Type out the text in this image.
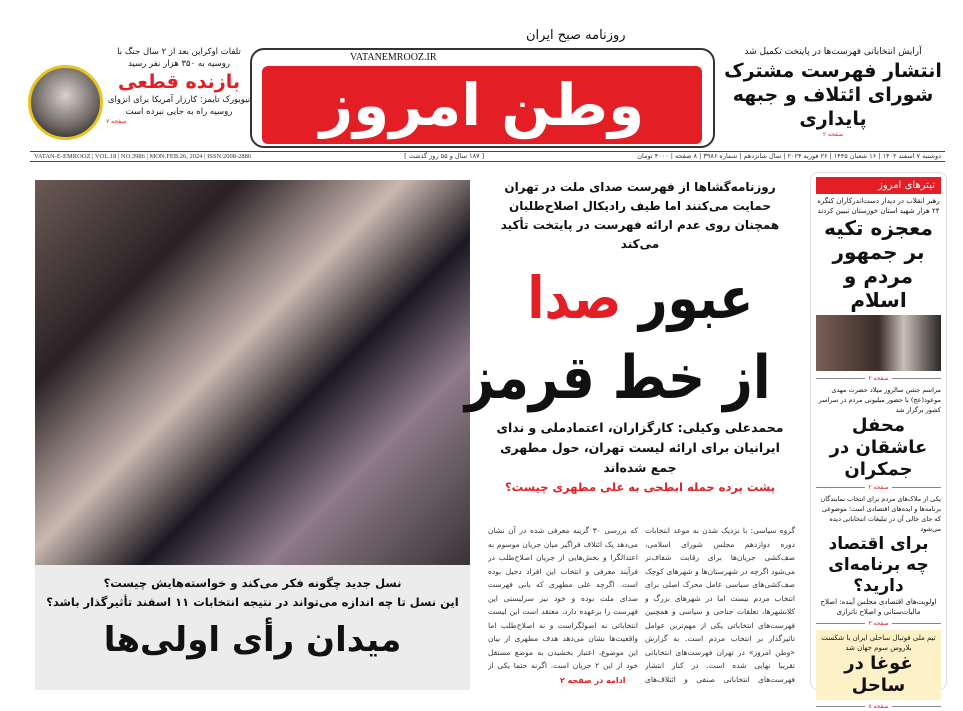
وطن امروز
روزنامه صبح ایران
VATANEMROOZ.IR
تلفات اوکراین بعد از ۲ سال جنگ با روسیه به ۳۵۰ هزار نفر رسید
بازنده قطعی
نیویورک تایمز: کارزار آمریکا برای انزوای روسیه راه به جایی نبرده است
صفحه ۷
آرایش انتخاباتی فهرست‌ها در پایتخت تکمیل شد
انتشار فهرست مشترک شورای ائتلاف و جبهه پایداری
صفحه ۲
دوشنبه ۷ اسفند ۱۴۰۲ | ۱۶ شعبان ۱۴۴۵ | ۲۶ فوریه ۲۰۲۴ | سال شانزدهم | شماره ۳۹۸۶ | ۸ صفحه | ۴۰۰۰ تومان
[ ۱۸۷ سال و ۵۵ روز گذشت ]
VATAN-E-EMROOZ | VOL.18 | NO.3986 | MON.FEB.26, 2024 | ISSN:2008-2886
نسل جدید چگونه فکر می‌کند و خواسته‌هایش چیست؟
این نسل تا چه اندازه می‌تواند در نتیجه انتخابات ۱۱ اسفند تأثیرگذار باشد؟
میدان رأی اولی‌ها
روزنامه‌گشاها از فهرست صدای ملت در تهران حمایت می‌کنند اما طیف رادیکال اصلاح‌طلبان همچنان روی عدم ارائه فهرست در پایتخت تأکید می‌کند
عبور صدا
از خط قرمز
محمدعلی وکیلی: کارگزاران، اعتمادملی و ندای ایرانیان برای ارائه لیست تهران، حول مطهری جمع شده‌اند
پشت پرده حمله ابطحی به علی مطهری چیست؟
گروه سیاسی: با نزدیک شدن به موعد انتخابات دوره دوازدهم مجلس شورای اسلامی، صف‌کشی جریان‌ها برای رقابت شفاف‌تر می‌شود اگرچه در شهرستان‌ها و شهرهای کوچک صف‌کشی‌های سیاسی عامل محرک اصلی برای انتخاب مردم نیست اما در شهرهای بزرگ و کلانشهرها، تعلقات جناحی و سیاسی و همچنین فهرست‌های انتخاباتی یکی از مهم‌ترین عوامل تاثیرگذار بر انتخاب مردم است. به گزارش «وطن امروز» در تهران فهرست‌های انتخاباتی تقریبا نهایی شده است. در کنار انتشار فهرست‌های انتخاباتی صنفی و ائتلاف‌های
که بررسی ۳۰ گزینه معرفی شده در آن نشان می‌دهد یک ائتلاف فراگیر میان جریان موسوم به اعتدالگرا و بخش‌هایی از جریان اصلاح‌طلب در فرآیند معرفی و انتخاب این افراد دخیل بوده است. اگرچه علی مطهری که بانی فهرست صدای ملت بوده و خود نیز سرلیستی این فهرست را برعهده دارد، معتقد است این لیست انتخاباتی نه اصولگراست و نه اصلاح‌طلب اما واقعیت‌ها نشان می‌دهد هدف مطهری از بیان این موضوع، اعتبار بخشیدن به موضع مستقل خود از این ۲ جریان است. اگرنه حتما یکی از
ادامه در صفحه ۲
تیترهای امروز
رهبر انقلاب در دیدار دست‌اندرکاران کنگره ۲۴ هزار شهید استان خوزستان تبیین کردند
معجزه تکیه بر جمهور مردم و اسلام
صفحه ۲
مراسم جشن سالروز میلاد حضرت مهدی موعود(عج) با حضور میلیونی مردم در سراسر کشور برگزار شد
محفل عاشقان در جمکران
صفحه ۲
یکی از ملاک‌های مردم برای انتخاب نمایندگان برنامه‌ها و ایده‌های اقتصادی است؛ موضوعی که جای خالی آن در تبلیغات انتخاباتی دیده می‌شود
برای اقتصاد چه برنامه‌ای دارید؟
اولویت‌های اقتصادی مجلس آینده: اصلاح مالیات‌ستانی و اصلاح ناترازی
صفحه ۳
تیم ملی فوتبال ساحلی ایران با شکست بلاروس سوم جهان شد
غوغا در ساحل
صفحه ۸
